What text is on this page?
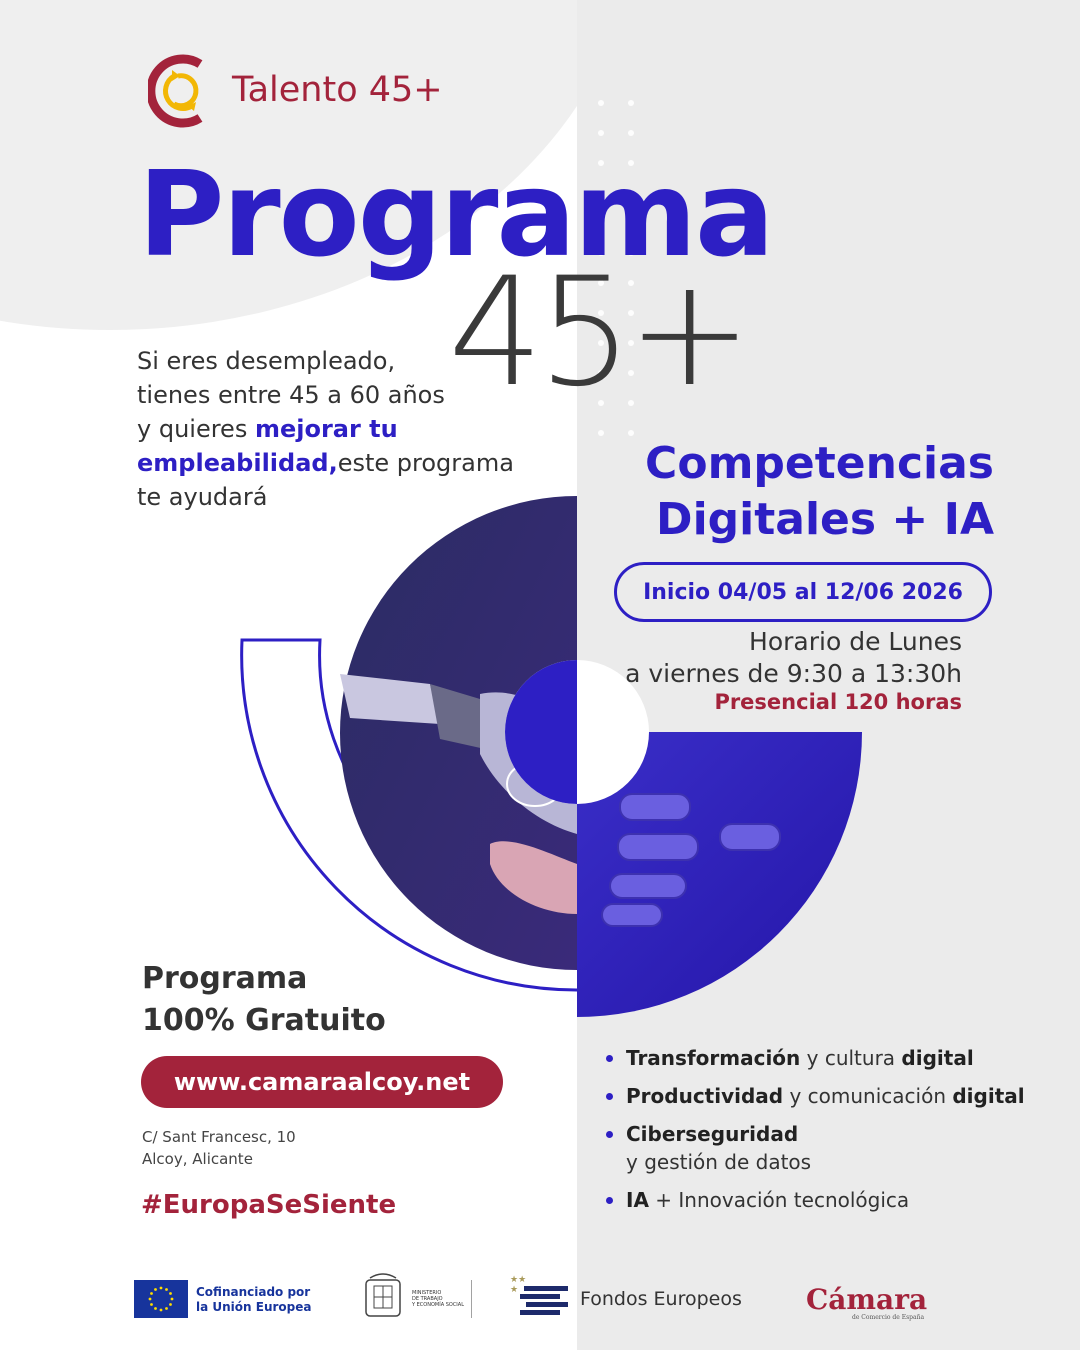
Talento 45+
Programa
45+
Si eres desempleado,
tienes entre 45 a 60 años
y quieres mejorar tu
empleabilidad,este programa
te ayudará
Competencias
Digitales + IA
Inicio 04/05 al 12/06 2026
Horario de Lunes
a viernes de 9:30 a 13:30h
Presencial 120 horas
Programa
100% Gratuito
www.camaraalcoy.net
C/ Sant Francesc, 10
Alcoy, Alicante
#EuropaSeSiente
Transformación y cultura digital
Productividad y comunicación digital
Ciberseguridad
y gestión de datos
IA + Innovación tecnológica
Cofinanciado por
la Unión Europea
MINISTERIO
DE TRABAJO
Y ECONOMÍA SOCIAL
★★
★	Fondos Europeos Cámara
de Comercio de España
